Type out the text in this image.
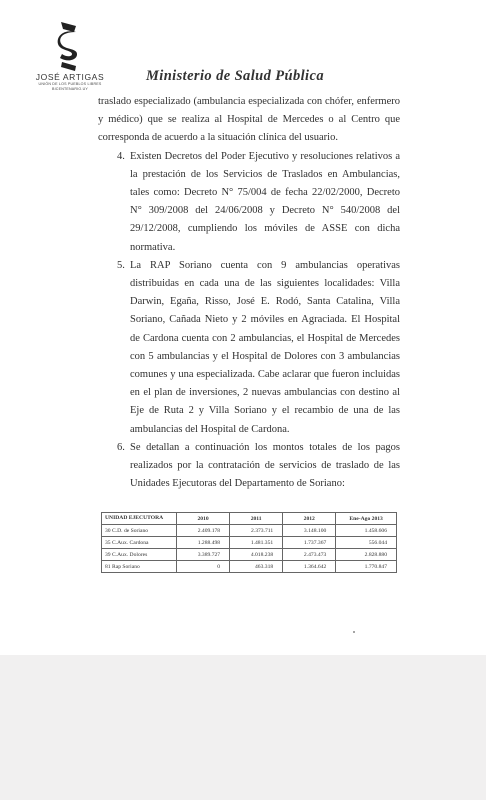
JOSÉ ARTIGAS
UNIÓN DE LOS PUEBLOS LIBRES
BICENTENARIO.UY
Ministerio de Salud Pública

traslado especializado (ambulancia especializada con chófer, enfermero y médico) que se realiza al Hospital de Mercedes o al Centro que corresponda de acuerdo a la situación clínica del usuario.

4. Existen Decretos del Poder Ejecutivo y resoluciones relativos a la prestación de los Servicios de Traslados en Ambulancias, tales como: Decreto N° 75/004 de fecha 22/02/2000, Decreto N° 309/2008 del 24/06/2008 y Decreto N° 540/2008 del 29/12/2008, cumpliendo los móviles de ASSE con dicha normativa.
5. La RAP Soriano cuenta con 9 ambulancias operativas distribuidas en cada una de las siguientes localidades: Villa Darwin, Egaña, Risso, José E. Rodó, Santa Catalina, Villa Soriano, Cañada Nieto y 2 móviles en Agraciada. El Hospital de Cardona cuenta con 2 ambulancias, el Hospital de Mercedes con 5 ambulancias y el Hospital de Dolores con 3 ambulancias comunes y una especializada. Cabe aclarar que fueron incluidas en el plan de inversiones, 2 nuevas ambulancias con destino al Eje de Ruta 2 y Villa Soriano y el recambio de una de las ambulancias del Hospital de Cardona.
6. Se detallan a continuación los montos totales de los pagos realizados por la contratación de servicios de traslado de las Unidades Ejecutoras del Departamento de Soriano:
UNIDAD EJECUTORA	2010	2011	2012	Ene-Ago 2013
30 C.D. de Soriano	2.409.178	2.373.711	3.148.100	1.458.606
35 C.Aux. Cardona	1.288.498	1.481.351	1.737.367	556.044
39 C.Aux. Dolores	3.389.727	4.018.238	2.473.473	2.828.880
81 Rap Soriano	0	463.318	1.364.642	1.770.847
